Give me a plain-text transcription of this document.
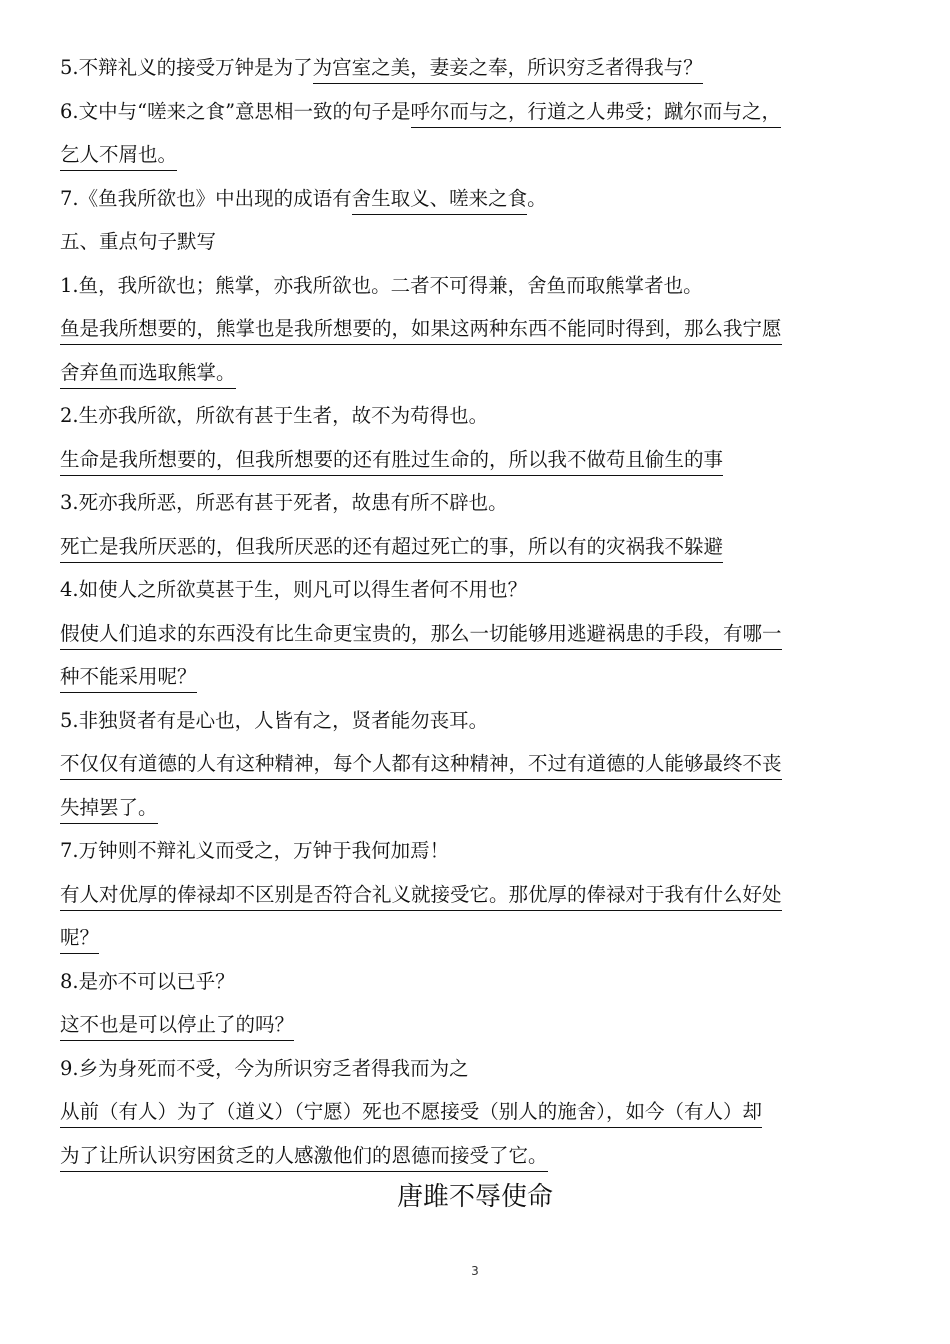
5.不辩礼义的接受万钟是为了为宫室之美，妻妾之奉，所识穷乏者得我与？
6.文中与“嗟来之食”意思相一致的句子是呼尔而与之，行道之人弗受；蹴尔而与之，
乞人不屑也。
7.《鱼我所欲也》中出现的成语有舍生取义、嗟来之食。
五、重点句子默写
1.鱼，我所欲也；熊掌，亦我所欲也。二者不可得兼，舍鱼而取熊掌者也。
鱼是我所想要的，熊掌也是我所想要的，如果这两种东西不能同时得到，那么我宁愿
舍弃鱼而选取熊掌。
2.生亦我所欲，所欲有甚于生者，故不为苟得也。
生命是我所想要的，但我所想要的还有胜过生命的，所以我不做苟且偷生的事
3.死亦我所恶，所恶有甚于死者，故患有所不辟也。
死亡是我所厌恶的，但我所厌恶的还有超过死亡的事，所以有的灾祸我不躲避
4.如使人之所欲莫甚于生，则凡可以得生者何不用也？
假使人们追求的东西没有比生命更宝贵的，那么一切能够用逃避祸患的手段，有哪一
种不能采用呢？
5.非独贤者有是心也，人皆有之，贤者能勿丧耳。
不仅仅有道德的人有这种精神，每个人都有这种精神，不过有道德的人能够最终不丧
失掉罢了。
7.万钟则不辩礼义而受之，万钟于我何加焉！
有人对优厚的俸禄却不区别是否符合礼义就接受它。那优厚的俸禄对于我有什么好处
呢？
8.是亦不可以已乎？
这不也是可以停止了的吗？
9.乡为身死而不受，今为所识穷乏者得我而为之
从前（有人）为了（道义）（宁愿）死也不愿接受（别人的施舍），如今（有人）却
为了让所认识穷困贫乏的人感激他们的恩德而接受了它。
唐雎不辱使命
3
